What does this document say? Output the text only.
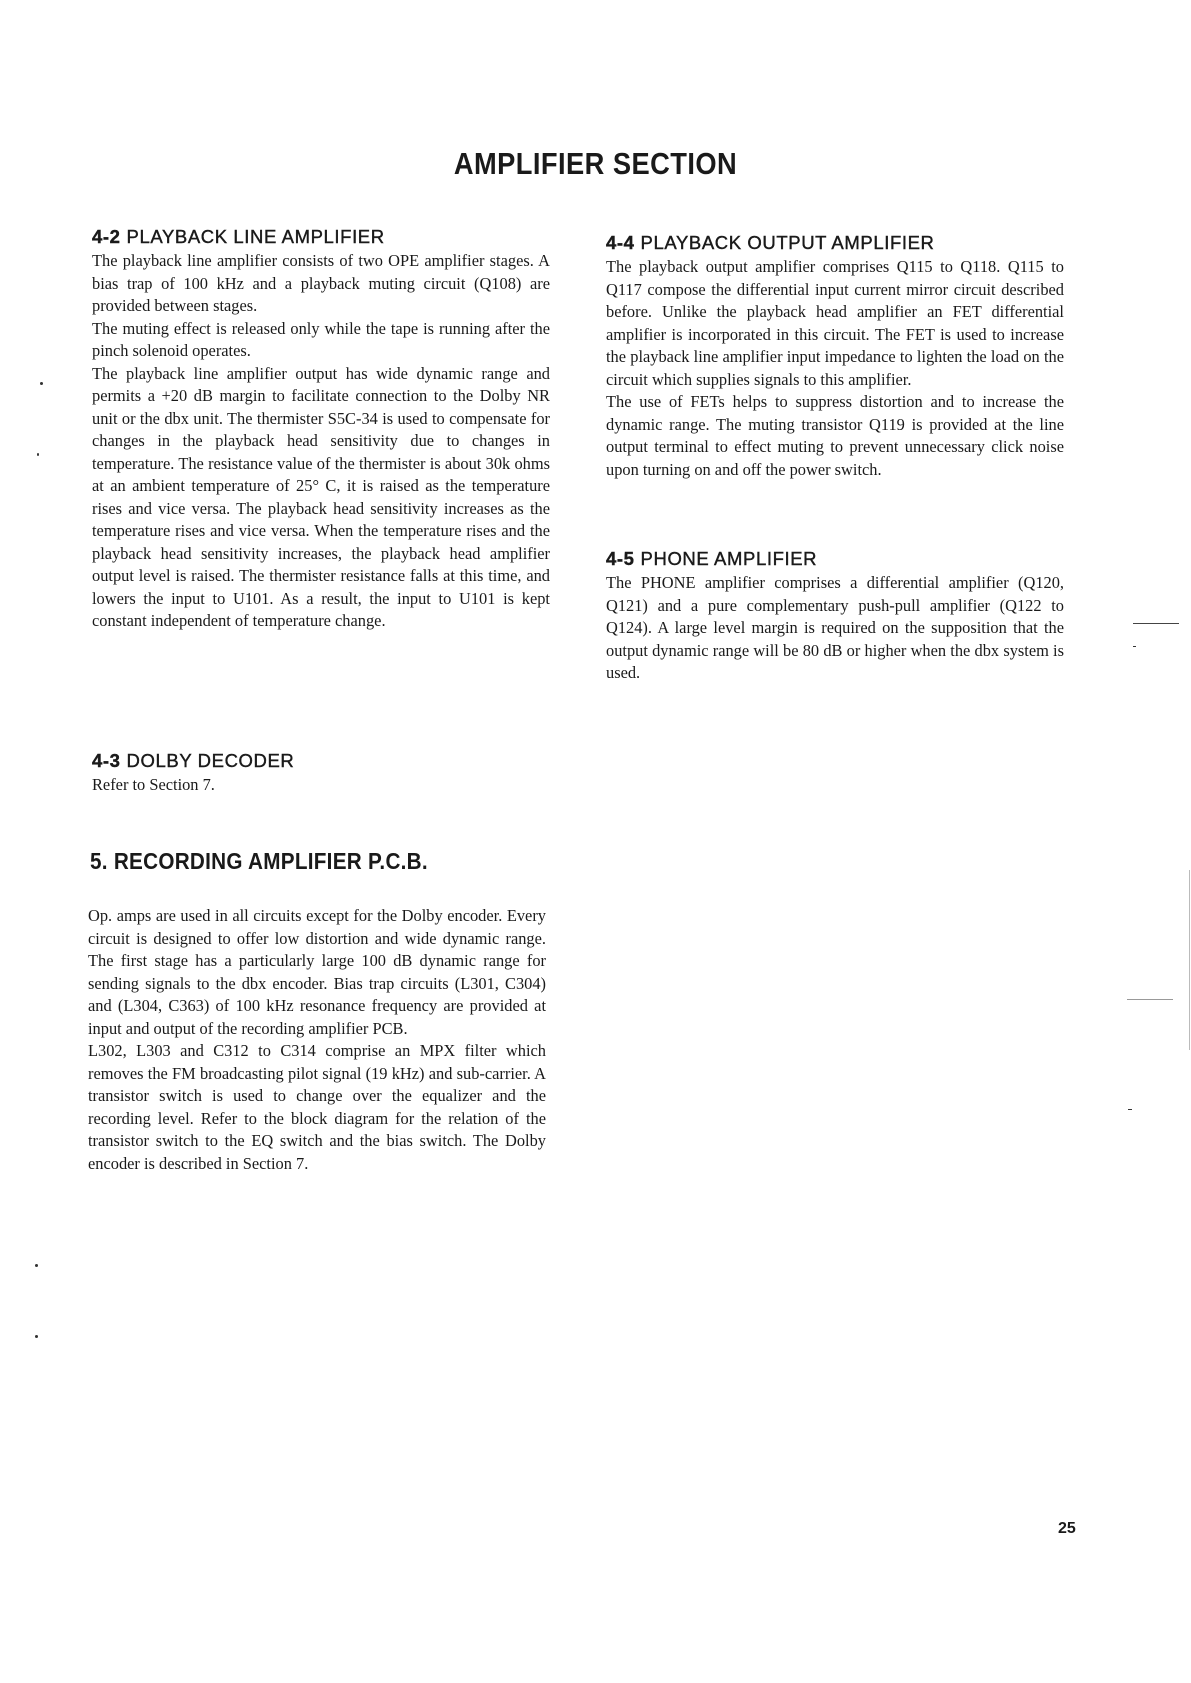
AMPLIFIER SECTION
4-2 PLAYBACK LINE AMPLIFIER

The playback line amplifier consists of two OPE amplifier stages. A bias trap of 100 kHz and a playback muting circuit (Q108) are provided between stages.

The muting effect is released only while the tape is running after the pinch solenoid operates.

The playback line amplifier output has wide dynamic range and permits a +20 dB margin to facilitate connection to the Dolby NR unit or the dbx unit. The thermister S5C-34 is used to compensate for changes in the playback head sensitivity due to changes in temperature. The resistance value of the thermister is about 30k ohms at an ambient temperature of 25° C, it is raised as the temperature rises and vice versa. The playback head sensitivity increases as the temperature rises and vice versa. When the temperature rises and the playback head sensitivity increases, the playback head amplifier output level is raised. The thermister resistance falls at this time, and lowers the input to U101. As a result, the input to U101 is kept constant independent of temperature change.

4-4 PLAYBACK OUTPUT AMPLIFIER

The playback output amplifier comprises Q115 to Q118. Q115 to Q117 compose the differential input current mirror circuit described before. Unlike the playback head amplifier an FET differential amplifier is incorporated in this circuit. The FET is used to increase the playback line amplifier input impedance to lighten the load on the circuit which supplies signals to this amplifier.

The use of FETs helps to suppress distortion and to increase the dynamic range. The muting transistor Q119 is provided at the line output terminal to effect muting to prevent unnecessary click noise upon turning on and off the power switch.

4-5 PHONE AMPLIFIER

The PHONE amplifier comprises a differential amplifier (Q120, Q121) and a pure complementary push-pull amplifier (Q122 to Q124). A large level margin is required on the supposition that the output dynamic range will be 80 dB or higher when the dbx system is used.

4-3 DOLBY DECODER

Refer to Section 7.

5. RECORDING AMPLIFIER P.C.B.

Op. amps are used in all circuits except for the Dolby encoder. Every circuit is designed to offer low distortion and wide dynamic range. The first stage has a particularly large 100 dB dynamic range for sending signals to the dbx encoder. Bias trap circuits (L301, C304) and (L304, C363) of 100 kHz resonance frequency are provided at input and output of the recording amplifier PCB.

L302, L303 and C312 to C314 comprise an MPX filter which removes the FM broadcasting pilot signal (19 kHz) and sub-carrier. A transistor switch is used to change over the equalizer and the recording level. Refer to the block diagram for the relation of the transistor switch to the EQ switch and the bias switch. The Dolby encoder is described in Section 7.

25
